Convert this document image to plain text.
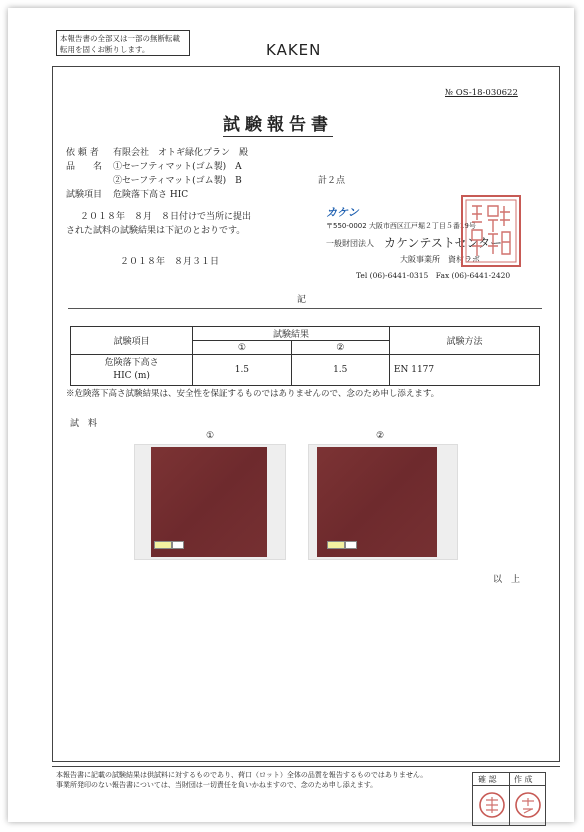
本報告書の全部又は一部の無断転載転用を固くお断りします。	KAKEN
№ OS-18-030622
試験報告書
依 頼 者 有限会社　オトギ緑化プラン　殿
品　　名 ①セーフティマット(ゴム製)　A
②セーフティマット(ゴム製)　B	計２点
試験項目 危険落下高さ HIC
２０１８年　８月　８日付けで当所に提出
された試料の試験結果は下記のとおりです。
２０１８年　８月３１日
カケン
〒550-0002 大阪市西区江戸堀２丁目５番19号
一般財団法人 カケンテストセンター
大阪事業所　資材ラボ
Tel (06)-6441-0315　Fax (06)-6441-2420
記
試験項目	試験結果		試験方法
	①	②	

危険落下高さ
HIC (m)	1.5	1.5	EN 1177
※危険落下高さ試験結果は、安全性を保証するものではありませんので、念のため申し添えます。
試　料
①	②
以　上
本報告書に記載の試験結果は供試料に対するものであり、荷口（ロット）全体の品質を報告するものではありません。
事業所発印のない報告書については、当財団は一切責任を負いかねますので、念のため申し添えます。
確 認 作 成
